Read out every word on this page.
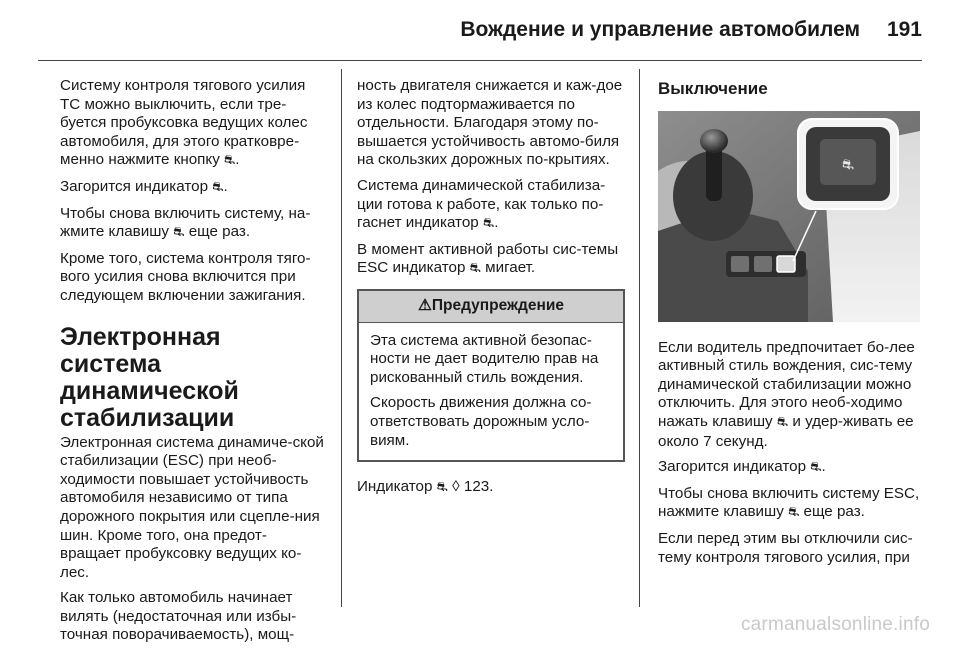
Вождение и управление автомобилем	191

Систему контроля тягового усилия ТС можно выключить, если тре-буется пробуксовка ведущих колес автомобиля, для этого кратковре-менно нажмите кнопку ⛐.

Загорится индикатор ⛐.

Чтобы снова включить систему, на-жмите клавишу ⛐ еще раз.

Кроме того, система контроля тяго-вого усилия снова включится при следующем включении зажигания.

Электронная система динамической стабилизации

Электронная система динамиче-ской стабилизации (ESC) при необ-ходимости повышает устойчивость автомобиля независимо от типа дорожного покрытия или сцепле-ния шин. Кроме того, она предот-вращает пробуксовку ведущих ко-лес.

Как только автомобиль начинает вилять (недостаточная или избы-точная поворачиваемость), мощ-

ность двигателя снижается и каж-дое из колес подтормаживается по отдельности. Благодаря этому по-вышается устойчивость автомо-биля на скользких дорожных по-крытиях.

Система динамической стабилиза-ции готова к работе, как только по-гаснет индикатор ⛐.

В момент активной работы сис-темы ESC индикатор ⛐ мигает.

⚠Предупреждение

Эта система активной безопас-ности не дает водителю прав на рискованный стиль вождения.

Скорость движения должна со-ответствовать дорожным усло-виям.

Индикатор ⛐ ◊ 123.

Выключение
⛐

Если водитель предпочитает бо-лее активный стиль вождения, сис-тему динамической стабилизации можно отключить. Для этого необ-ходимо нажать клавишу ⛐ и удер-живать ее около 7 секунд.

Загорится индикатор ⛐.

Чтобы снова включить систему ESC, нажмите клавишу ⛐ еще раз.

Если перед этим вы отключили сис-тему контроля тягового усилия, при

carmanualsonline.info
